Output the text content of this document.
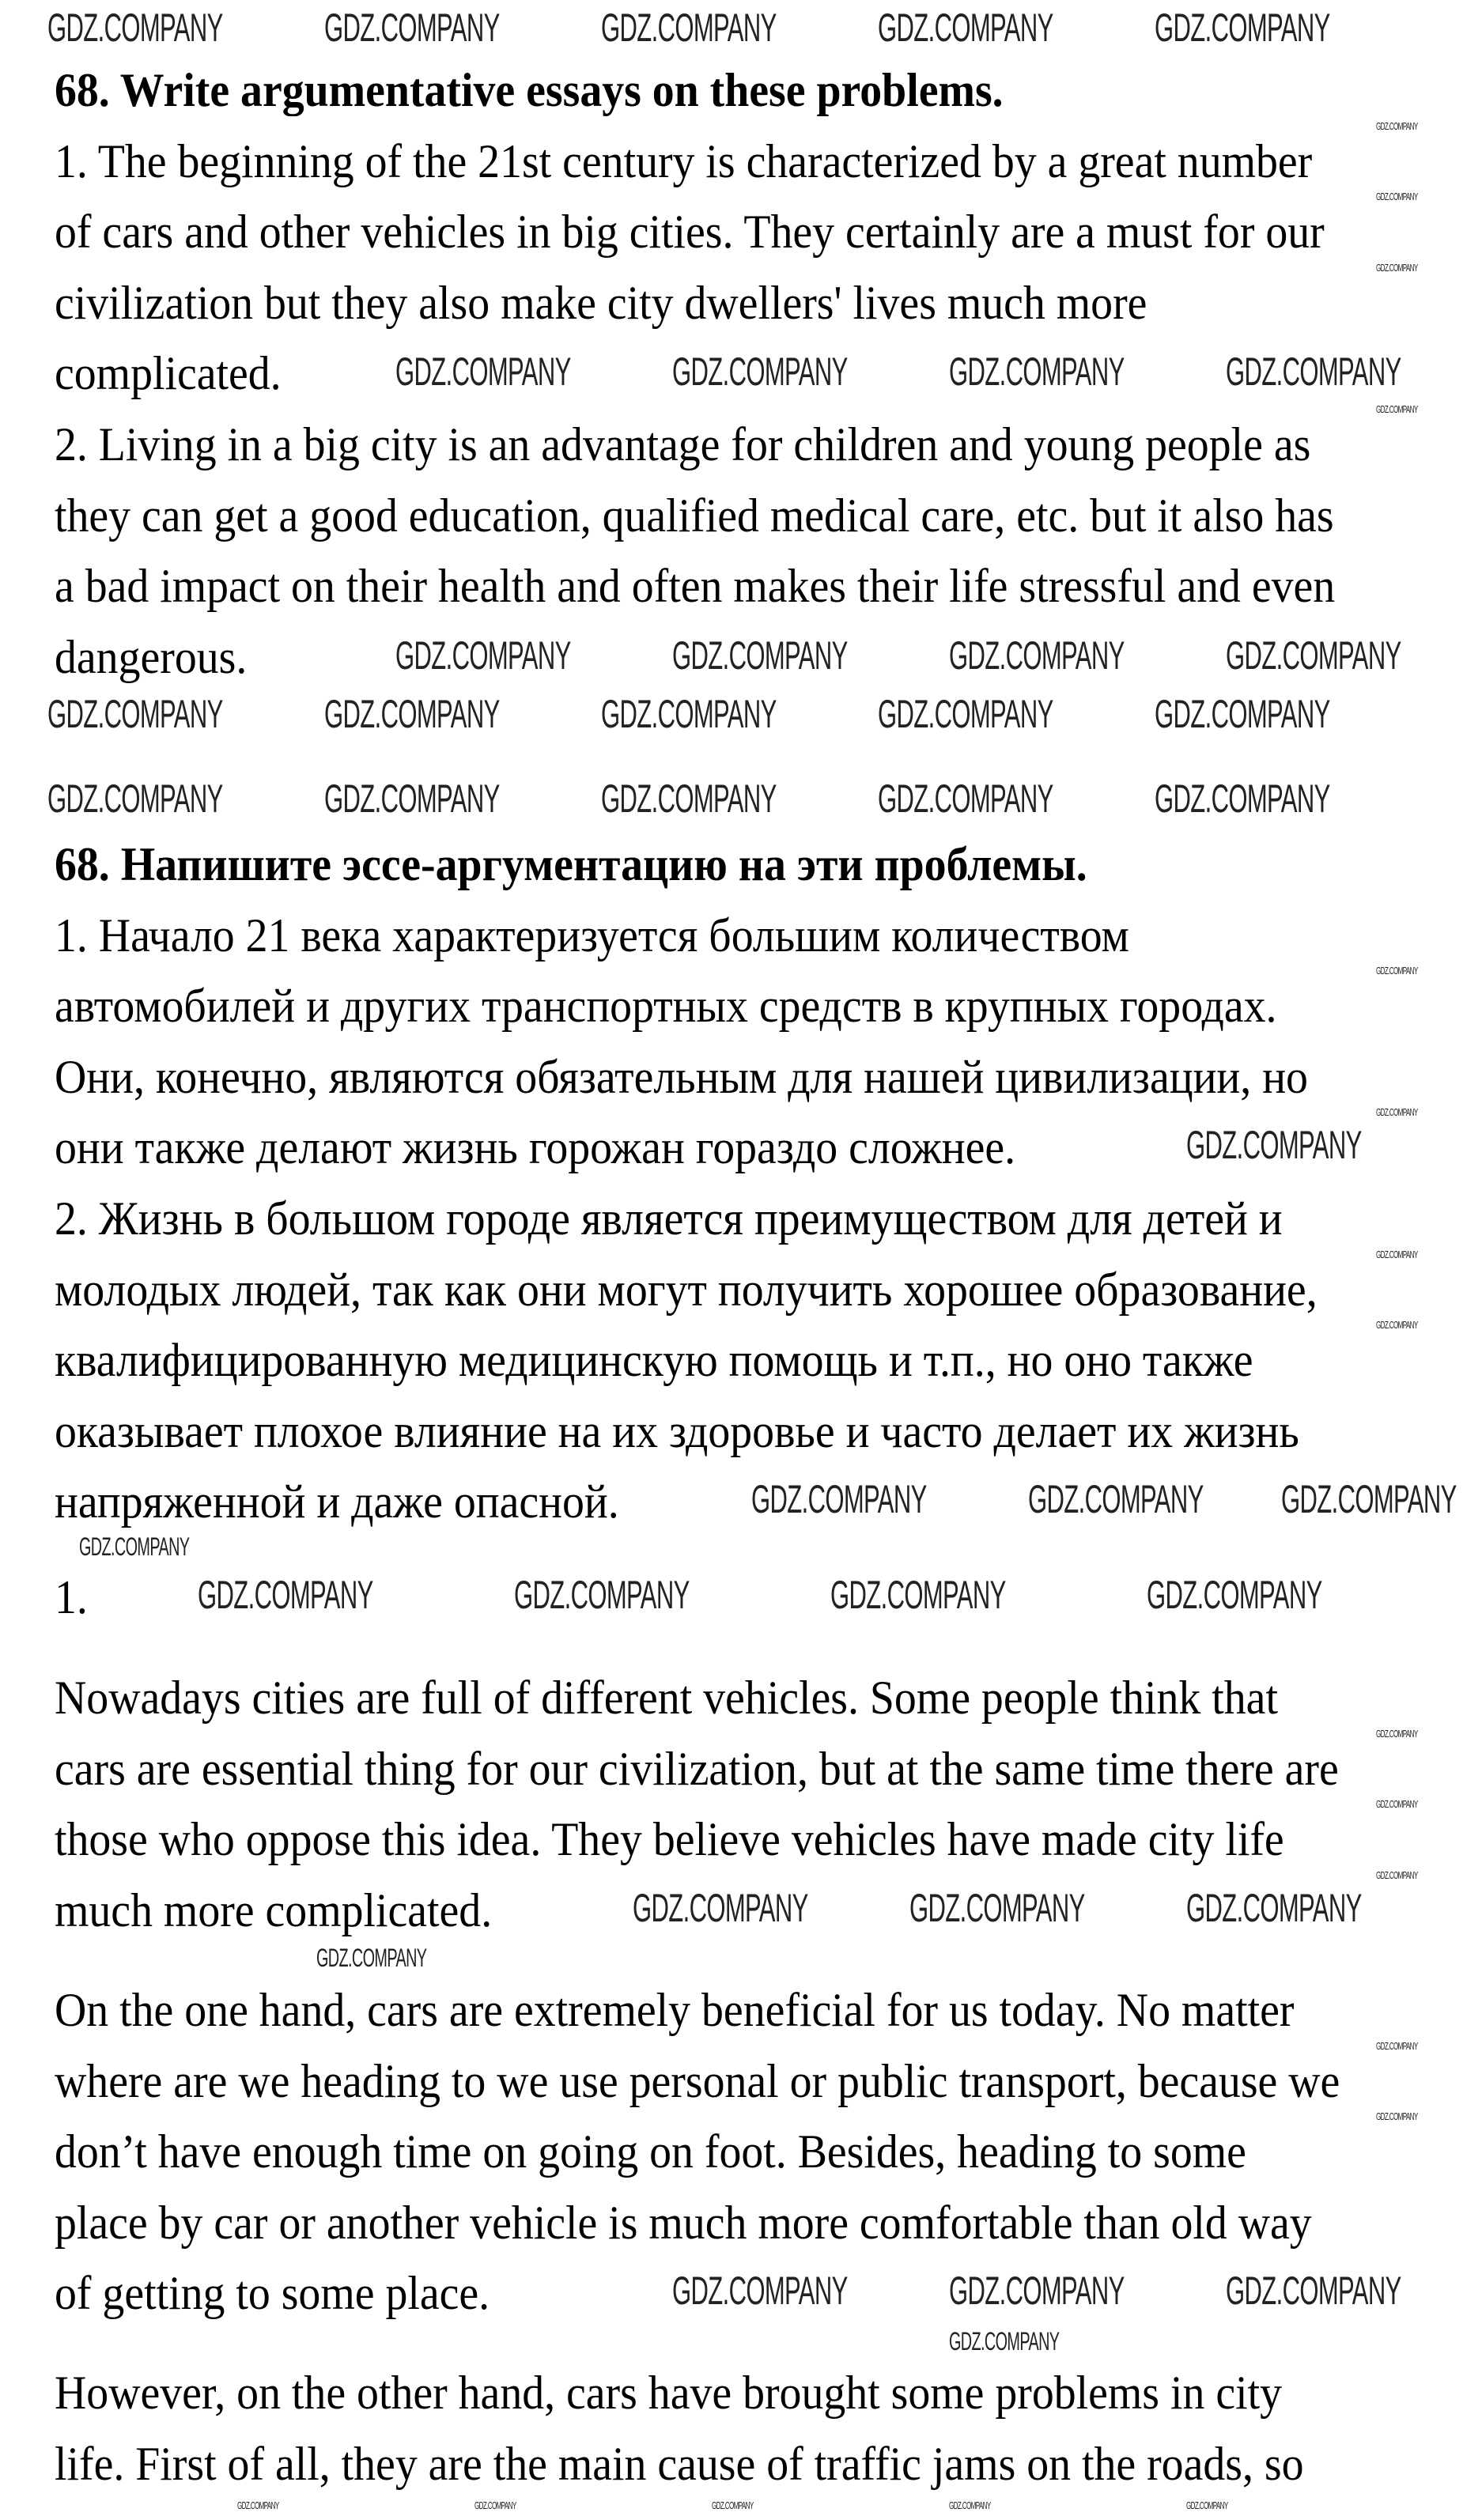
68. Write argumentative essays on these problems.
1. The beginning of the 21st century is characterized by a great number
of cars and other vehicles in big cities. They certainly are a must for our
civilization but they also make city dwellers' lives much more
complicated.
2. Living in a big city is an advantage for children and young people as
they can get a good education, qualified medical care, etc. but it also has
a bad impact on their health and often makes their life stressful and even
dangerous.
68. Напишите эссе-аргументацию на эти проблемы.
1. Начало 21 века характеризуется большим количеством
автомобилей и других транспортных средств в крупных городах.
Они, конечно, являются обязательным для нашей цивилизации, но
они также делают жизнь горожан гораздо сложнее.
2. Жизнь в большом городе является преимуществом для детей и
молодых людей, так как они могут получить хорошее образование,
квалифицированную медицинскую помощь и т.п., но оно также
оказывает плохое влияние на их здоровье и часто делает их жизнь
напряженной и даже опасной.
1.
Nowadays cities are full of different vehicles. Some people think that
cars are essential thing for our civilization, but at the same time there are
those who oppose this idea. They believe vehicles have made city life
much more complicated.
On the one hand, cars are extremely beneficial for us today. No matter
where are we heading to we use personal or public transport, because we
don’t have enough time on going on foot. Besides, heading to some
place by car or another vehicle is much more comfortable than old way
of getting to some place.
However, on the other hand, cars have brought some problems in city
life. First of all, they are the main cause of traffic jams on the roads, so
GDZ.COMPANY	GDZ.COMPANY	GDZ.COMPANY	GDZ.COMPANY	GDZ.COMPANY
GDZ.COMPANY	GDZ.COMPANY	GDZ.COMPANY	GDZ.COMPANY
GDZ.COMPANY	GDZ.COMPANY	GDZ.COMPANY	GDZ.COMPANY
GDZ.COMPANY	GDZ.COMPANY	GDZ.COMPANY	GDZ.COMPANY	GDZ.COMPANY
GDZ.COMPANY	GDZ.COMPANY	GDZ.COMPANY	GDZ.COMPANY	GDZ.COMPANY
GDZ.COMPANY
GDZ.COMPANY	GDZ.COMPANY GDZ.COMPANY
GDZ.COMPANY	GDZ.COMPANY	GDZ.COMPANY	GDZ.COMPANY
GDZ.COMPANY	GDZ.COMPANY	GDZ.COMPANY
GDZ.COMPANY	GDZ.COMPANY	GDZ.COMPANY
GDZ.COMPANY
GDZ.COMPANY
GDZ.COMPANY
GDZ.COMPANY	GDZ.COMPANY	GDZ.COMPANY	GDZ.COMPANY	GDZ.COMPANY
GDZ.COMPANY
GDZ.COMPANY
GDZ.COMPANY
GDZ.COMPANY
GDZ.COMPANY
GDZ.COMPANY
GDZ.COMPANY
GDZ.COMPANY
GDZ.COMPANY
GDZ.COMPANY
GDZ.COMPANY
GDZ.COMPANY
GDZ.COMPANY
